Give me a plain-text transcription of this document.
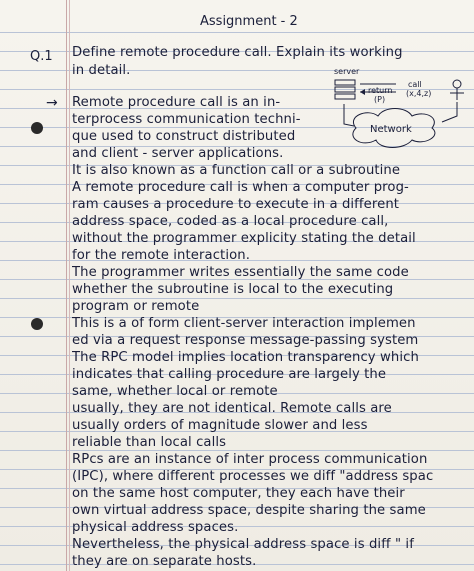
Assignment - 2
Q.1
→
server
return
(P)
call
(x,4,z)
Network
Define remote procedure call. Explain its working
in detail.
Remote procedure call is an in-
terprocess communication techni-
que used to construct distributed
and client - server applications.
It is also known as a function call or a subroutine
A remote procedure call is when a computer prog-
ram causes a procedure to execute in a different
address space, coded as a local procedure call,
without the programmer explicity stating the detail
for the remote interaction.
The programmer writes essentially the same code
whether the subroutine is local to the executing
program or remote
This is a of form client-server interaction implemen
ed via a request response message-passing system
The RPC model implies location transparency which
indicates that calling procedure are largely the
same, whether local or remote
usually, they are not identical. Remote calls are
usually orders of magnitude slower and less
reliable than local calls
RPcs are an instance of inter process communication
(IPC), where different processes we diff "address spac
on the same host computer, they each have their
own virtual address space, despite sharing the same
physical address spaces.
Nevertheless, the physical address space is diff " if
they are on separate hosts.
